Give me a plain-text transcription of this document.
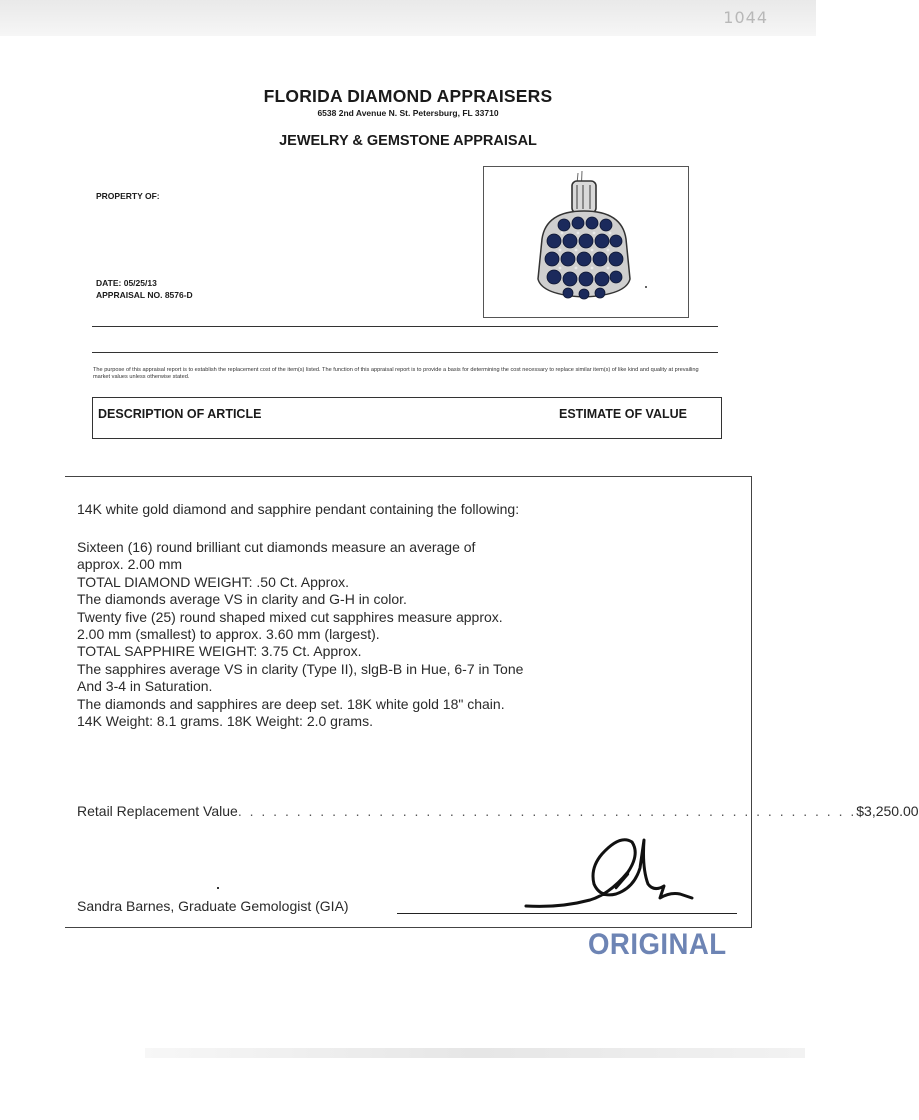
1044
FLORIDA DIAMOND APPRAISERS
6538 2nd Avenue N. St. Petersburg, FL 33710
JEWELRY & GEMSTONE APPRAISAL
PROPERTY OF:
DATE: 05/25/13
APPRAISAL NO. 8576-D
The purpose of this appraisal report is to establish the replacement cost of the item(s) listed. The function of this appraisal report is to provide a basis for determining the cost necessary to replace similar item(s) of like kind and quality at prevailing market values unless otherwise stated.
DESCRIPTION OF ARTICLE	ESTIMATE OF VALUE
14K white gold diamond and sapphire pendant containing the following:
Sixteen (16) round brilliant cut diamonds measure an average of
approx. 2.00 mm
TOTAL DIAMOND WEIGHT: .50 Ct. Approx.
The diamonds average VS in clarity and G-H in color.
Twenty five (25) round shaped mixed cut sapphires measure approx.
2.00 mm (smallest) to approx. 3.60 mm (largest).
TOTAL SAPPHIRE WEIGHT: 3.75 Ct. Approx.
The sapphires average VS in clarity (Type II), slgB-B in Hue, 6-7 in Tone
And 3-4 in Saturation.
The diamonds and sapphires are deep set. 18K white gold 18" chain.
14K Weight: 8.1 grams. 18K Weight: 2.0 grams.
Retail Replacement Value. . . . . . . . . . . . . . . . . . . . . . . . . . . . . . . . . . . . . . . . . . . . . . . . . . . . .$3,250.00
Sandra Barnes, Graduate Gemologist (GIA)
ORIGINAL
